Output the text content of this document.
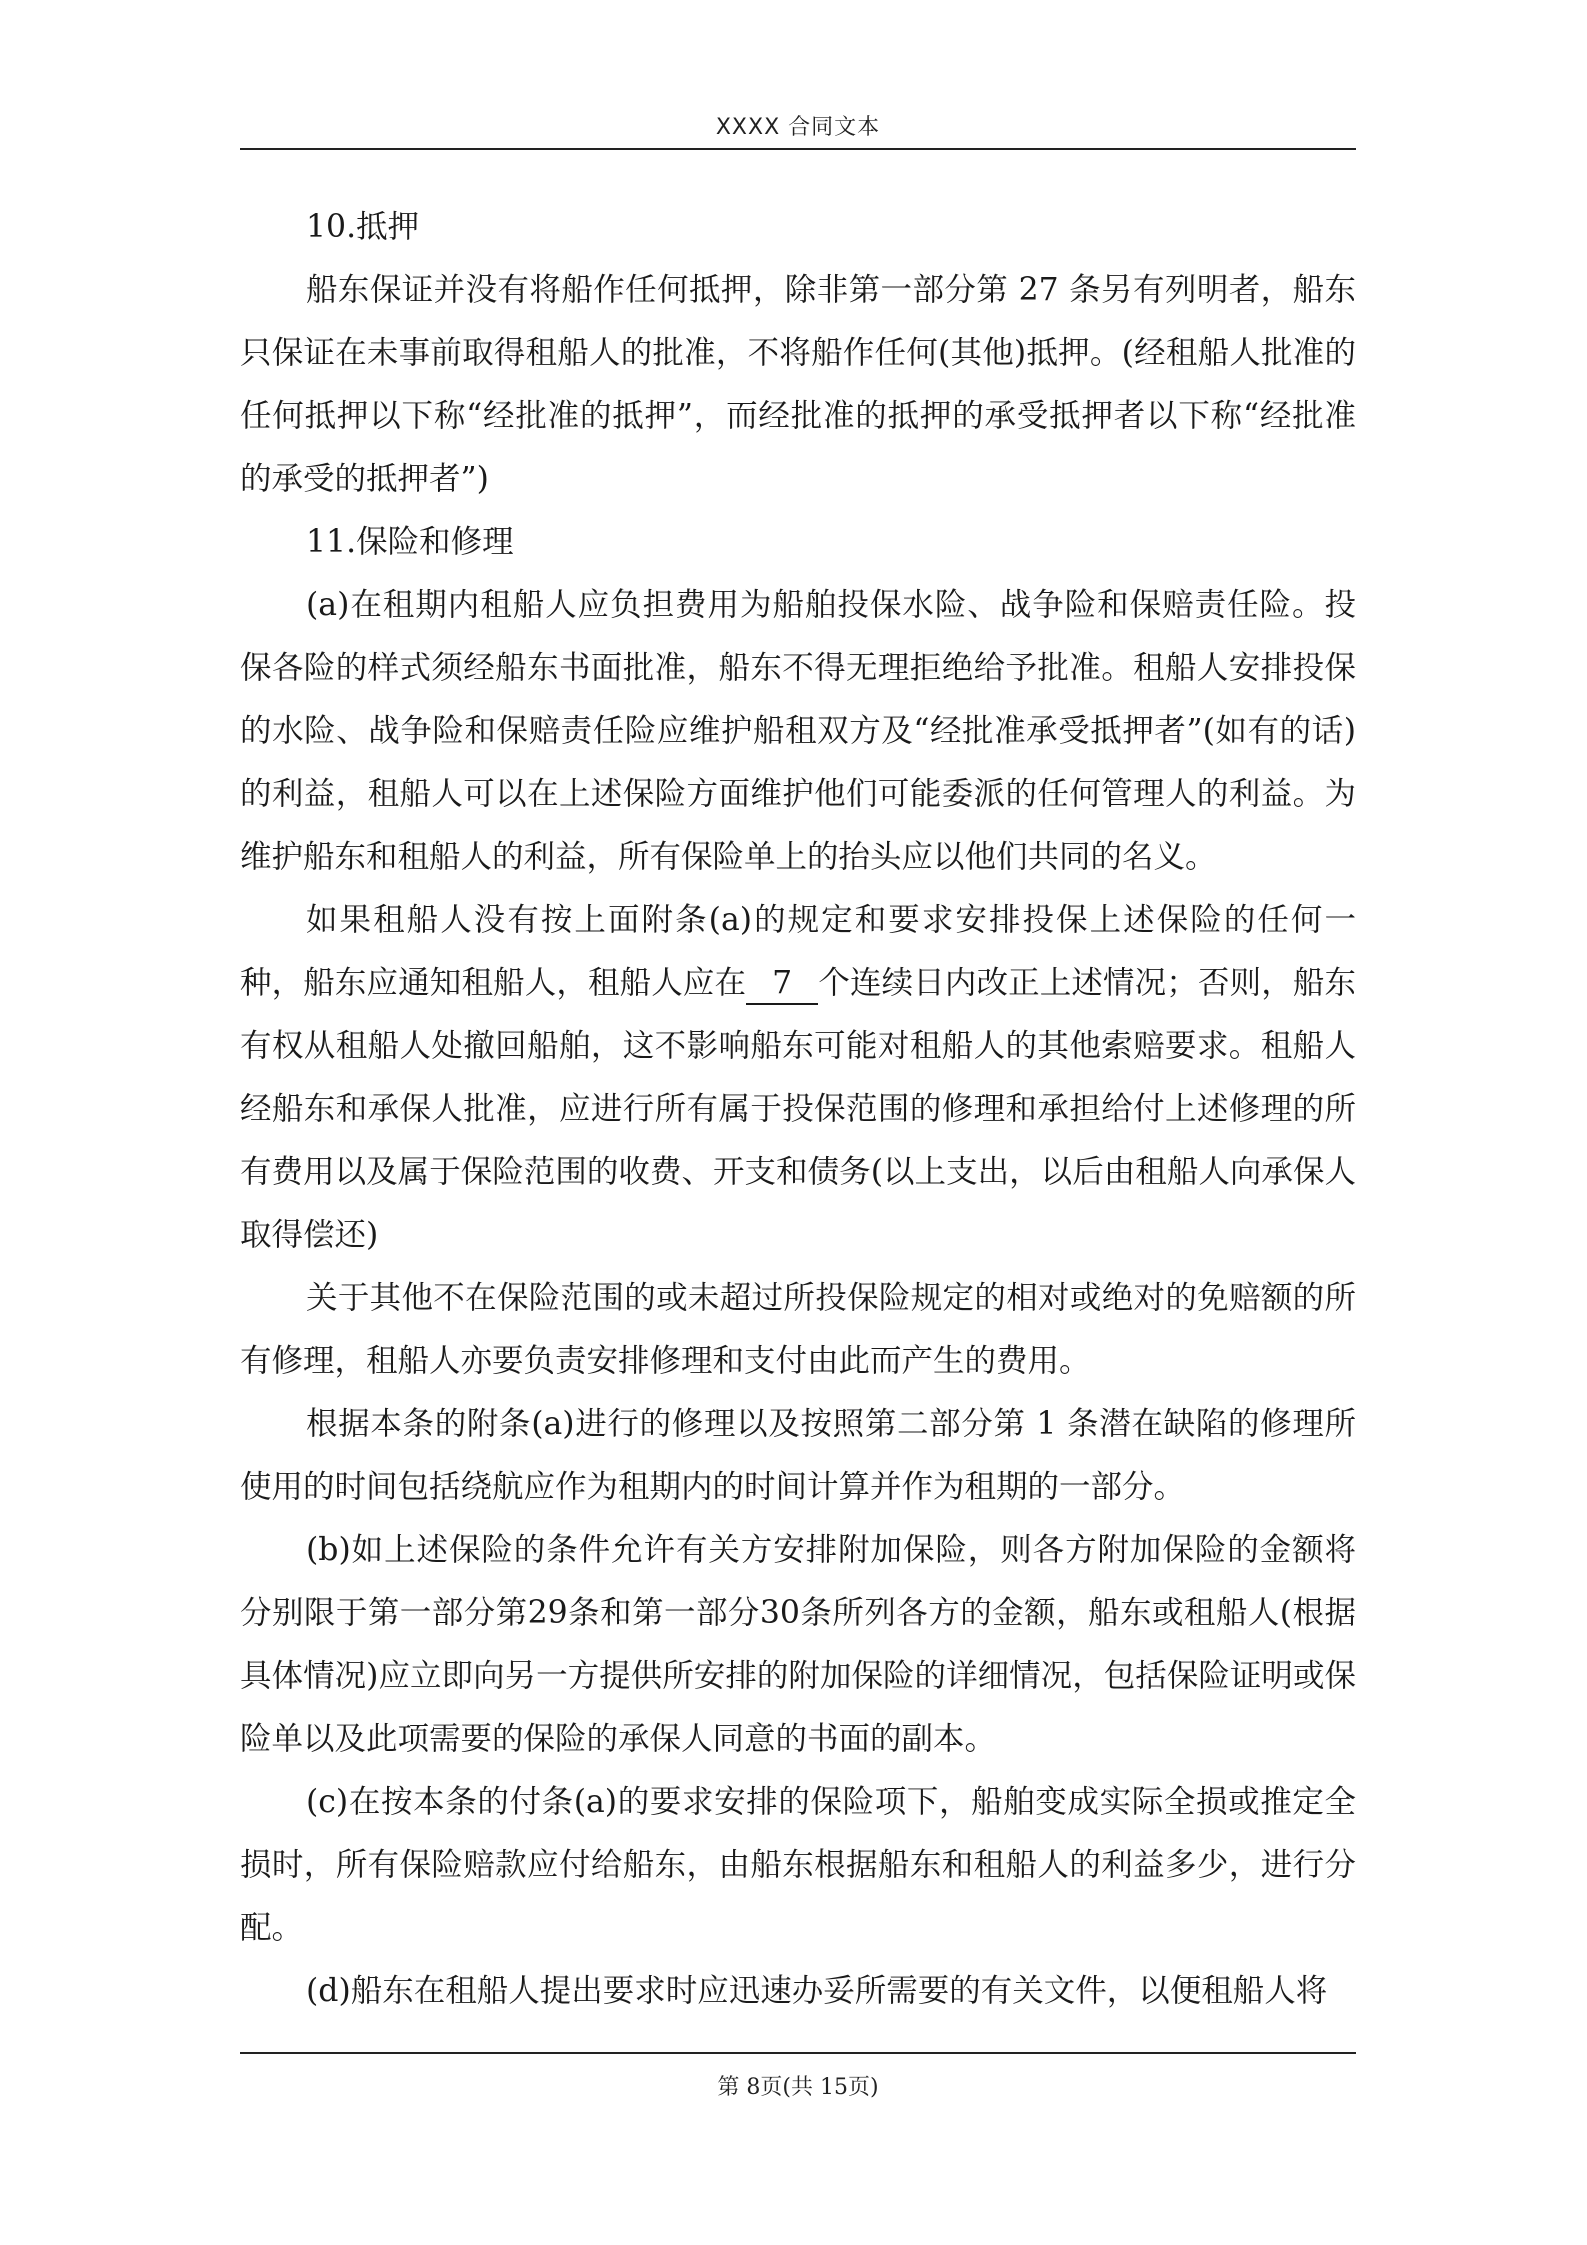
XXXX 合同文本

10.抵押

船东保证并没有将船作任何抵押，除非第一部分第 27 条另有列明者，船东只保证在未事前取得租船人的批准，不将船作任何(其他)抵押。(经租船人批准的任何抵押以下称“经批准的抵押”，而经批准的抵押的承受抵押者以下称“经批准的承受的抵押者”)

11.保险和修理

(a)在租期内租船人应负担费用为船舶投保水险、战争险和保赔责任险。投保各险的样式须经船东书面批准，船东不得无理拒绝给予批准。租船人安排投保的水险、战争险和保赔责任险应维护船租双方及“经批准承受抵押者”(如有的话)的利益，租船人可以在上述保险方面维护他们可能委派的任何管理人的利益。为维护船东和租船人的利益，所有保险单上的抬头应以他们共同的名义。

如果租船人没有按上面附条(a)的规定和要求安排投保上述保险的任何一种，船东应通知租船人，租船人应在 7 个连续日内改正上述情况；否则，船东有权从租船人处撤回船舶，这不影响船东可能对租船人的其他索赔要求。租船人经船东和承保人批准，应进行所有属于投保范围的修理和承担给付上述修理的所有费用以及属于保险范围的收费、开支和债务(以上支出，以后由租船人向承保人取得偿还)

关于其他不在保险范围的或未超过所投保险规定的相对或绝对的免赔额的所有修理，租船人亦要负责安排修理和支付由此而产生的费用。

根据本条的附条(a)进行的修理以及按照第二部分第 1 条潜在缺陷的修理所使用的时间包括绕航应作为租期内的时间计算并作为租期的一部分。

(b)如上述保险的条件允许有关方安排附加保险，则各方附加保险的金额将分别限于第一部分第29条和第一部分30条所列各方的金额，船东或租船人(根据具体情况)应立即向另一方提供所安排的附加保险的详细情况，包括保险证明或保险单以及此项需要的保险的承保人同意的书面的副本。

(c)在按本条的付条(a)的要求安排的保险项下，船舶变成实际全损或推定全损时，所有保险赔款应付给船东，由船东根据船东和租船人的利益多少，进行分配。

(d)船东在租船人提出要求时应迅速办妥所需要的有关文件，以便租船人将

第 8页(共 15页)
